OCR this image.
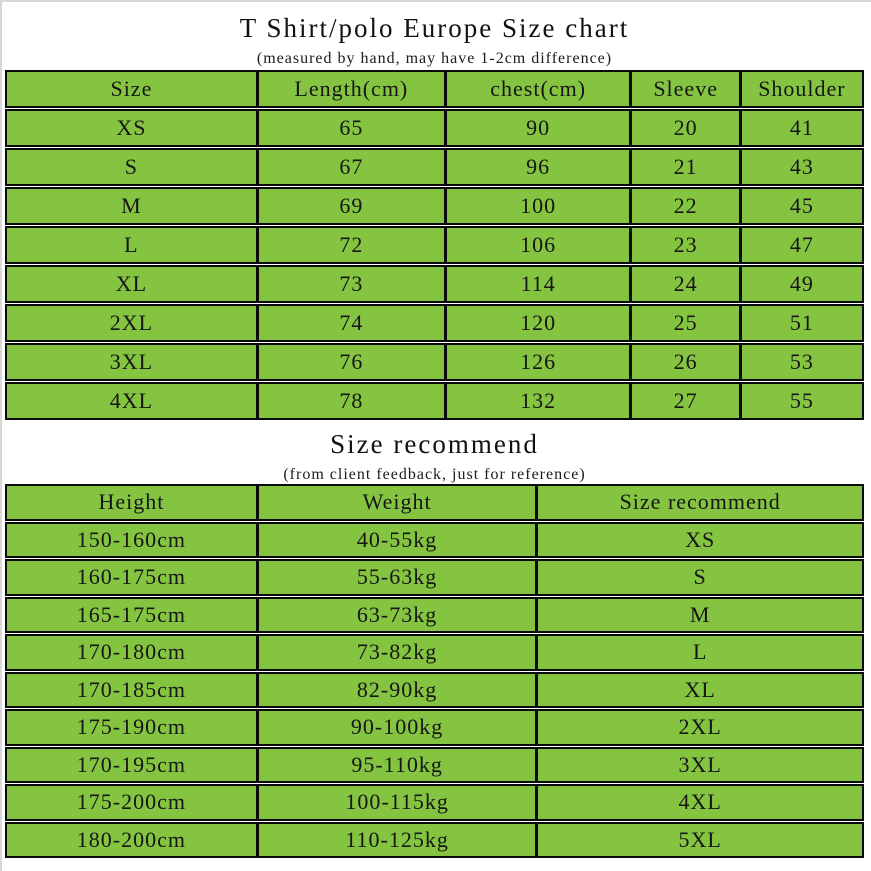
T Shirt/polo Europe Size chart
(measured by hand, may have 1-2cm difference)
Size	Length(cm)	chest(cm)	Sleeve	Shoulder
XS	65	90	20	41
S	67	96	21	43
M	69	100	22	45
L	72	106	23	47
XL	73	114	24	49
2XL	74	120	25	51
3XL	76	126	26	53
4XL	78	132	27	55
Size recommend
(from client feedback, just for reference)
Height	Weight	Size recommend
150-160cm	40-55kg	XS
160-175cm	55-63kg	S
165-175cm	63-73kg	M
170-180cm	73-82kg	L
170-185cm	82-90kg	XL
175-190cm	90-100kg	2XL
170-195cm	95-110kg	3XL
175-200cm	100-115kg	4XL
180-200cm	110-125kg	5XL
